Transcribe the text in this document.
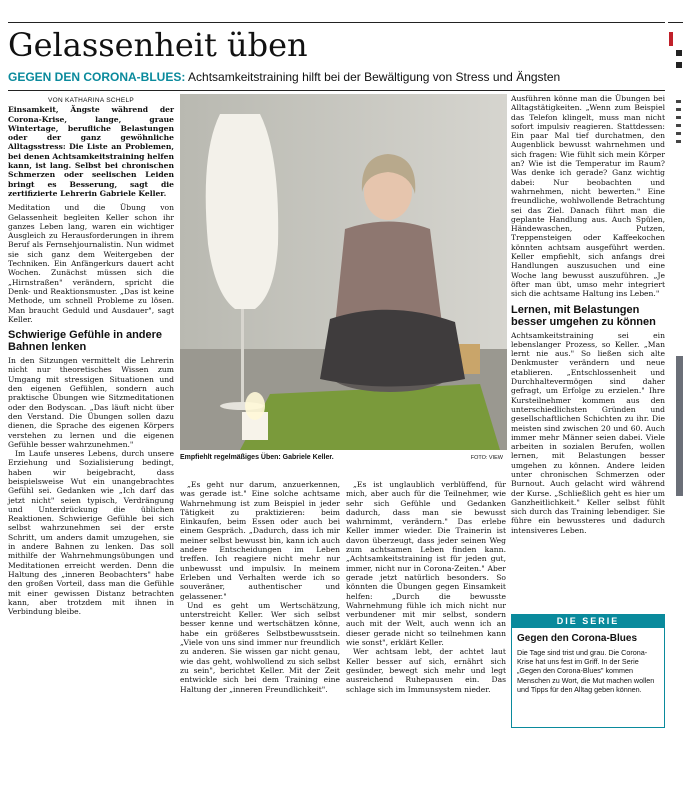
Gelassenheit üben
GEGEN DEN CORONA-BLUES: Achtsamkeitstraining hilft bei der Bewältigung von Stress und Ängsten

VON KATHARINA SCHELP

Einsamkeit, Ängste während der Corona-Krise, lange, graue Wintertage, berufliche Belastungen oder der ganz gewöhnliche Alltagsstress: Die Liste an Problemen, bei denen Achtsamkeitstraining helfen kann, ist lang. Selbst bei chronischen Schmerzen oder seelischen Leiden bringt es Besserung, sagt die zertifizierte Lehrerin Gabriele Keller.

Meditation und die Übung von Gelassenheit begleiten Keller schon ihr ganzes Leben lang, waren ein wichtiger Ausgleich zu Herausforderungen in ihrem Beruf als Fernsehjournalistin. Nun widmet sie sich ganz dem Weitergeben der Techniken. Ein Anfängerkurs dauert acht Wochen. Zunächst müssen sich die „Hirnstraßen" verändern, spricht die Denk- und Reaktionsmuster. „Das ist keine Methode, um schnell Probleme zu lösen. Man braucht Geduld und Ausdauer", sagt Keller.

Schwierige Gefühle in andere Bahnen lenken

In den Sitzungen vermittelt die Lehrerin nicht nur theoretisches Wissen zum Umgang mit stressigen Situationen und den eigenen Gefühlen, sondern auch praktische Übungen wie Sitzmeditationen oder den Bodyscan. „Das läuft nicht über den Verstand. Die Übungen sollen dazu dienen, die Sprache des eigenen Körpers verstehen zu lernen und die eigenen Gefühle besser wahrzunehmen."

Im Laufe unseres Lebens, durch unsere Erziehung und Sozialisierung bedingt, haben wir beigebracht, dass beispielsweise Wut ein unangebrachtes Gefühl sei. Gedanken wie „Ich darf das jetzt nicht" seien typisch, Verdrängung und Unterdrückung die üblichen Reaktionen. Schwierige Gefühle bei sich selbst wahrzunehmen sei der erste Schritt, um anders damit umzugehen, sie in andere Bahnen zu lenken. Das soll mithilfe der Wahrnehmungsübungen und Meditationen erreicht werden. Denn die Haltung des „inneren Beobachters" habe den großen Vorteil, dass man die Gefühle mit einer gewissen Distanz betrachten kann, aber trotzdem mit ihnen in Verbindung bleibe.

Empfiehlt regelmäßiges Üben: Gabriele Keller.	FOTO: VIEW

„Es geht nur darum, anzuerkennen, was gerade ist." Eine solche achtsame Wahrnehmung ist zum Beispiel in jeder Tätigkeit zu praktizieren: beim Einkaufen, beim Essen oder auch bei einem Gespräch. „Dadurch, dass ich mir meiner selbst bewusst bin, kann ich auch andere Entscheidungen im Leben treffen. Ich reagiere nicht mehr nur unbewusst und impulsiv. In meinem Erleben und Verhalten werde ich so souveräner, authentischer und gelassener."

Und es geht um Wertschätzung, unterstreicht Keller. Wer sich selbst besser kenne und wertschätzen könne, habe ein größeres Selbstbewusstsein. „Viele von uns sind immer nur freundlich zu anderen. Sie wissen gar nicht genau, wie das geht, wohlwollend zu sich selbst zu sein", berichtet Keller. Mit der Zeit entwickle sich bei dem Training eine Haltung der „inneren Freundlichkeit".

„Es ist unglaublich verblüffend, für mich, aber auch für die Teilnehmer, wie sehr sich Gefühle und Gedanken dadurch, dass man sie bewusst wahrnimmt, verändern." Das erlebe Keller immer wieder. Die Trainerin ist davon überzeugt, dass jeder seinen Weg zum achtsamen Leben finden kann. „Achtsamkeitstraining ist für jeden gut, immer, nicht nur in Corona-Zeiten." Aber gerade jetzt natürlich besonders. So könnten die Übungen gegen Einsamkeit helfen: „Durch die bewusste Wahrnehmung fühle ich mich nicht nur verbundener mit mir selbst, sondern auch mit der Welt, auch wenn ich an dieser gerade nicht so teilnehmen kann wie sonst", erklärt Keller.

Wer achtsam lebt, der achtet laut Keller besser auf sich, ernährt sich gesünder, bewegt sich mehr und legt ausreichend Ruhepausen ein. Das schlage sich im Immunsystem nieder.

Ausführen könne man die Übungen bei Alltagstätigkeiten. „Wenn zum Beispiel das Telefon klingelt, muss man nicht sofort impulsiv reagieren. Stattdessen: Ein paar Mal tief durchatmen, den Augenblick bewusst wahrnehmen und sich fragen: Wie fühlt sich mein Körper an? Wie ist die Temperatur im Raum? Was denke ich gerade? Ganz wichtig dabei: Nur beobachten und wahrnehmen, nicht bewerten." Eine freundliche, wohlwollende Betrachtung sei das Ziel. Danach führt man die geplante Handlung aus. Auch Spülen, Händewaschen, Putzen, Treppensteigen oder Kaffeekochen könnten achtsam ausgeführt werden. Keller empfiehlt, sich anfangs drei Handlungen auszusuchen und eine Woche lang bewusst auszuführen. „Je öfter man übt, umso mehr integriert sich die achtsame Haltung ins Leben."

Lernen, mit Belastungen besser umgehen zu können

Achtsamkeitstraining sei ein lebenslanger Prozess, so Keller. „Man lernt nie aus." So ließen sich alte Denkmuster verändern und neue etablieren. „Entschlossenheit und Durchhaltevermögen sind daher gefragt, um Erfolge zu erzielen." Ihre Kursteilnehmer kommen aus den unterschiedlichsten Gründen und gesellschaftlichen Schichten zu ihr. Die meisten sind zwischen 20 und 60. Auch immer mehr Männer seien dabei. Viele arbeiten in sozialen Berufen, wollen lernen, mit Belastungen besser umgehen zu können. Andere leiden unter chronischen Schmerzen oder Burnout. Auch gelacht wird während der Kurse. „Schließlich geht es hier um Ganzheitlichkeit." Keller selbst fühlt sich durch das Training lebendiger. Sie führe ein bewussteres und dadurch intensiveres Leben.

DIE SERIE
Gegen den Corona-Blues
Die Tage sind trist und grau. Die Corona-Krise hat uns fest im Griff. In der Serie „Gegen den Corona-Blues" kommen Menschen zu Wort, die Mut machen wollen und Tipps für den Alltag geben können.
